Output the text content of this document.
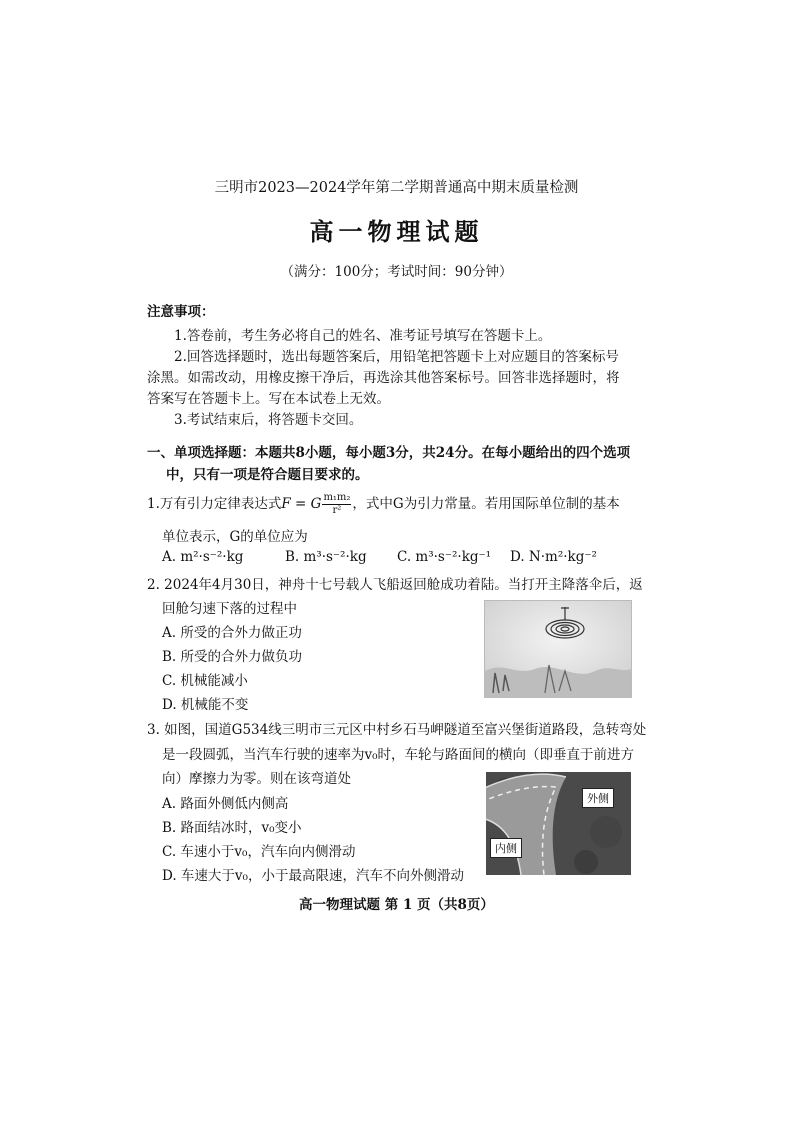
三明市2023—2024学年第二学期普通高中期末质量检测
高一物理试题
（满分：100分；考试时间：90分钟）
注意事项：
1.答卷前，考生务必将自己的姓名、准考证号填写在答题卡上。
2.回答选择题时，选出每题答案后，用铅笔把答题卡上对应题目的答案标号
涂黑。如需改动，用橡皮擦干净后，再选涂其他答案标号。回答非选择题时，将
答案写在答题卡上。写在本试卷上无效。
3.考试结束后，将答题卡交回。
一、单项选择题：本题共8小题，每小题3分，共24分。在每小题给出的四个选项
中，只有一项是符合题目要求的。
1.万有引力定律表达式F = G $\frac{\text{m₁m₂}}{\text{r²}}$ ，式中G为引力常量。若用国际单位制的基本
单位表示，G的单位应为
A. m²·s⁻²·kg	B. m³·s⁻²·kg C. m³·s⁻²·kg⁻¹ D. N·m²·kg⁻²
2. 2024年4月30日，神舟十七号载人飞船返回舱成功着陆。当打开主降落伞后，返
回舱匀速下落的过程中
A. 所受的合外力做正功
B. 所受的合外力做负功
C. 机械能减小
D. 机械能不变
3. 如图，国道G534线三明市三元区中村乡石马岬隧道至富兴堡街道路段，急转弯处
是一段圆弧，当汽车行驶的速率为v₀时，车轮与路面间的横向（即垂直于前进方
向）摩擦力为零。则在该弯道处
A. 路面外侧低内侧高
B. 路面结冰时，v₀变小
C. 车速小于v₀，汽车向内侧滑动
D. 车速大于v₀，小于最高限速，汽车不向外侧滑动
外侧
内侧
高一物理试题 第 1 页（共8页）
